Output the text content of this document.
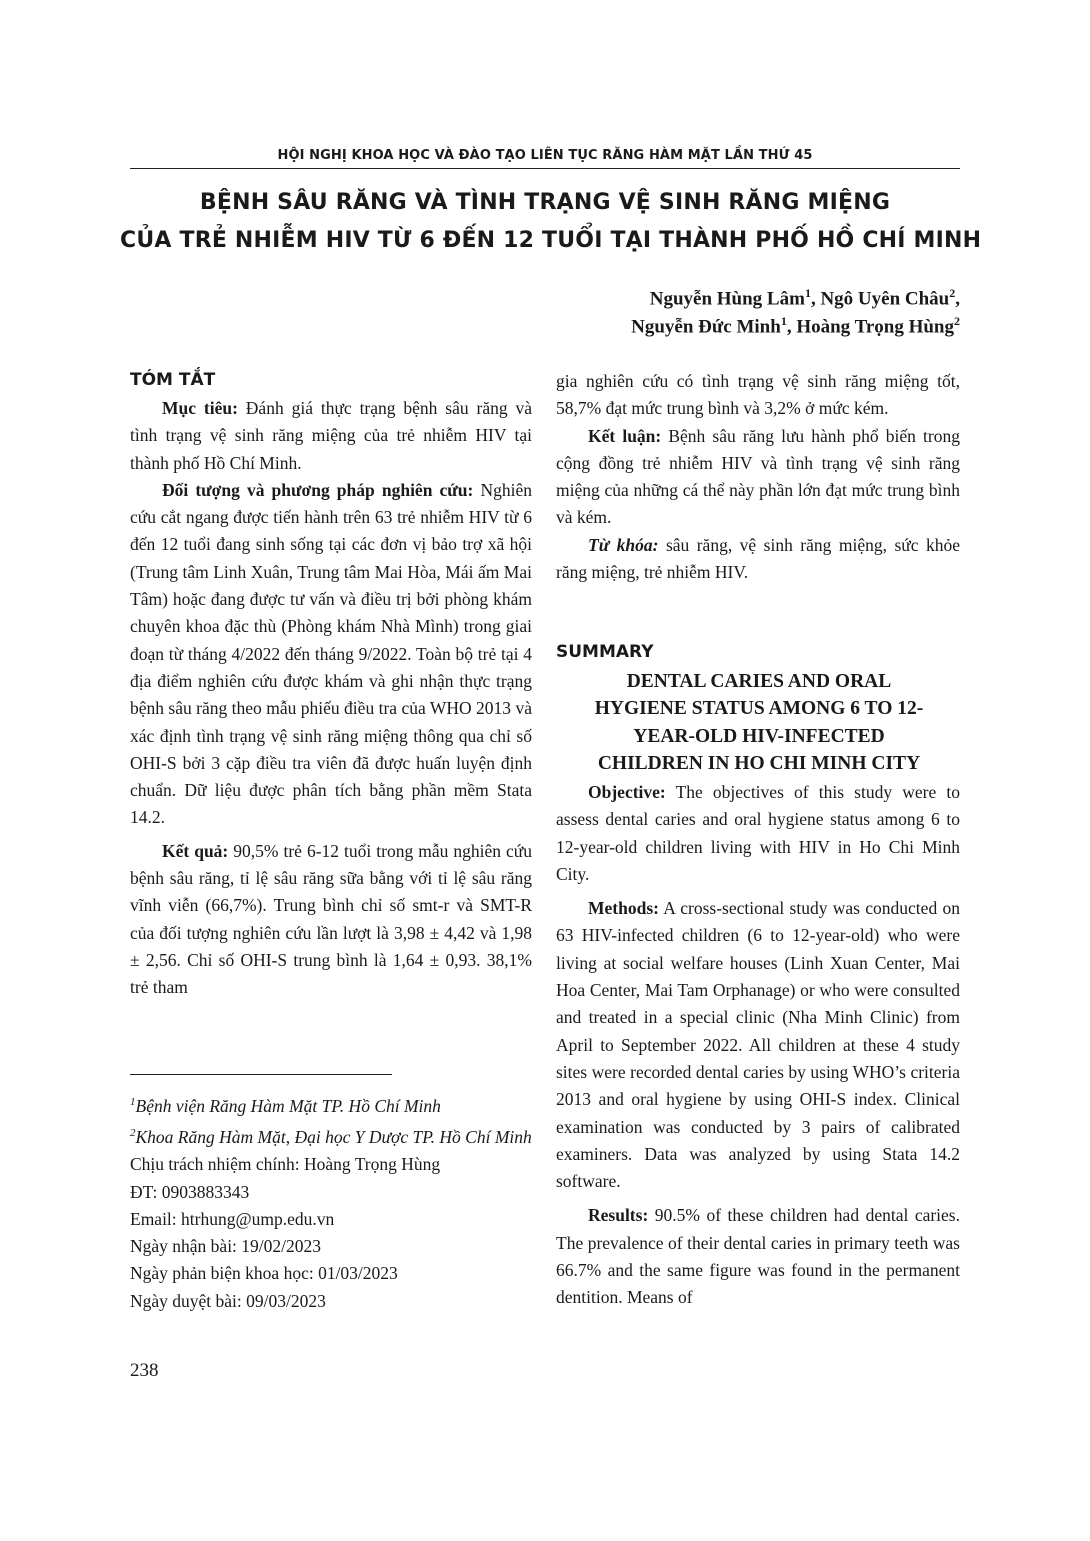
HỘI NGHỊ KHOA HỌC VÀ ĐÀO TẠO LIÊN TỤC RĂNG HÀM MẶT LẦN THỨ 45
BỆNH SÂU RĂNG VÀ TÌNH TRẠNG VỆ SINH RĂNG MIỆNG
CỦA TRẺ NHIỄM HIV TỪ 6 ĐẾN 12 TUỔI TẠI THÀNH PHỐ HỒ CHÍ MINH
Nguyễn Hùng Lâm$^1$, Ngô Uyên Châu$^2$,
Nguyễn Đức Minh$^1$, Hoàng Trọng Hùng$^2$
TÓM TẮT

Mục tiêu: Đánh giá thực trạng bệnh sâu răng và tình trạng vệ sinh răng miệng của trẻ nhiễm HIV tại thành phố Hồ Chí Minh.

Đối tượng và phương pháp nghiên cứu: Nghiên cứu cắt ngang được tiến hành trên 63 trẻ nhiễm HIV từ 6 đến 12 tuổi đang sinh sống tại các đơn vị bảo trợ xã hội (Trung tâm Linh Xuân, Trung tâm Mai Hòa, Mái ấm Mai Tâm) hoặc đang được tư vấn và điều trị bởi phòng khám chuyên khoa đặc thù (Phòng khám Nhà Mình) trong giai đoạn từ tháng 4/2022 đến tháng 9/2022. Toàn bộ trẻ tại 4 địa điểm nghiên cứu được khám và ghi nhận thực trạng bệnh sâu răng theo mẫu phiếu điều tra của WHO 2013 và xác định tình trạng vệ sinh răng miệng thông qua chỉ số OHI-S bởi 3 cặp điều tra viên đã được huấn luyện định chuẩn. Dữ liệu được phân tích bằng phần mềm Stata 14.2.

Kết quả: 90,5% trẻ 6-12 tuổi trong mẫu nghiên cứu bệnh sâu răng, tỉ lệ sâu răng sữa bằng với tỉ lệ sâu răng vĩnh viễn (66,7%). Trung bình chỉ số smt-r và SMT-R của đối tượng nghiên cứu lần lượt là 3,98 ± 4,42 và 1,98 ± 2,56. Chỉ số OHI-S trung bình là 1,64 ± 0,93. 38,1% trẻ tham

$^1$Bệnh viện Răng Hàm Mặt TP. Hồ Chí Minh

$^2$Khoa Răng Hàm Mặt, Đại học Y Dược TP. Hồ Chí Minh

Chịu trách nhiệm chính: Hoàng Trọng Hùng

ĐT: 0903883343

Email: htrhung@ump.edu.vn

Ngày nhận bài: 19/02/2023

Ngày phản biện khoa học: 01/03/2023

Ngày duyệt bài: 09/03/2023

238

gia nghiên cứu có tình trạng vệ sinh răng miệng tốt, 58,7% đạt mức trung bình và 3,2% ở mức kém.

Kết luận: Bệnh sâu răng lưu hành phổ biến trong cộng đồng trẻ nhiễm HIV và tình trạng vệ sinh răng miệng của những cá thể này phần lớn đạt mức trung bình và kém.

Từ khóa: sâu răng, vệ sinh răng miệng, sức khỏe răng miệng, trẻ nhiễm HIV.

SUMMARY
DENTAL CARIES AND ORAL
HYGIENE STATUS AMONG 6 TO 12-
YEAR-OLD HIV-INFECTED
CHILDREN IN HO CHI MINH CITY

Objective: The objectives of this study were to assess dental caries and oral hygiene status among 6 to 12-year-old children living with HIV in Ho Chi Minh City.

Methods: A cross-sectional study was conducted on 63 HIV-infected children (6 to 12-year-old) who were living at social welfare houses (Linh Xuan Center, Mai Hoa Center, Mai Tam Orphanage) or who were consulted and treated in a special clinic (Nha Minh Clinic) from April to September 2022. All children at these 4 study sites were recorded dental caries by using WHO’s criteria 2013 and oral hygiene by using OHI-S index. Clinical examination was conducted by 3 pairs of calibrated examiners. Data was analyzed by using Stata 14.2 software.

Results: 90.5% of these children had dental caries. The prevalence of their dental caries in primary teeth was 66.7% and the same figure was found in the permanent dentition. Means of
